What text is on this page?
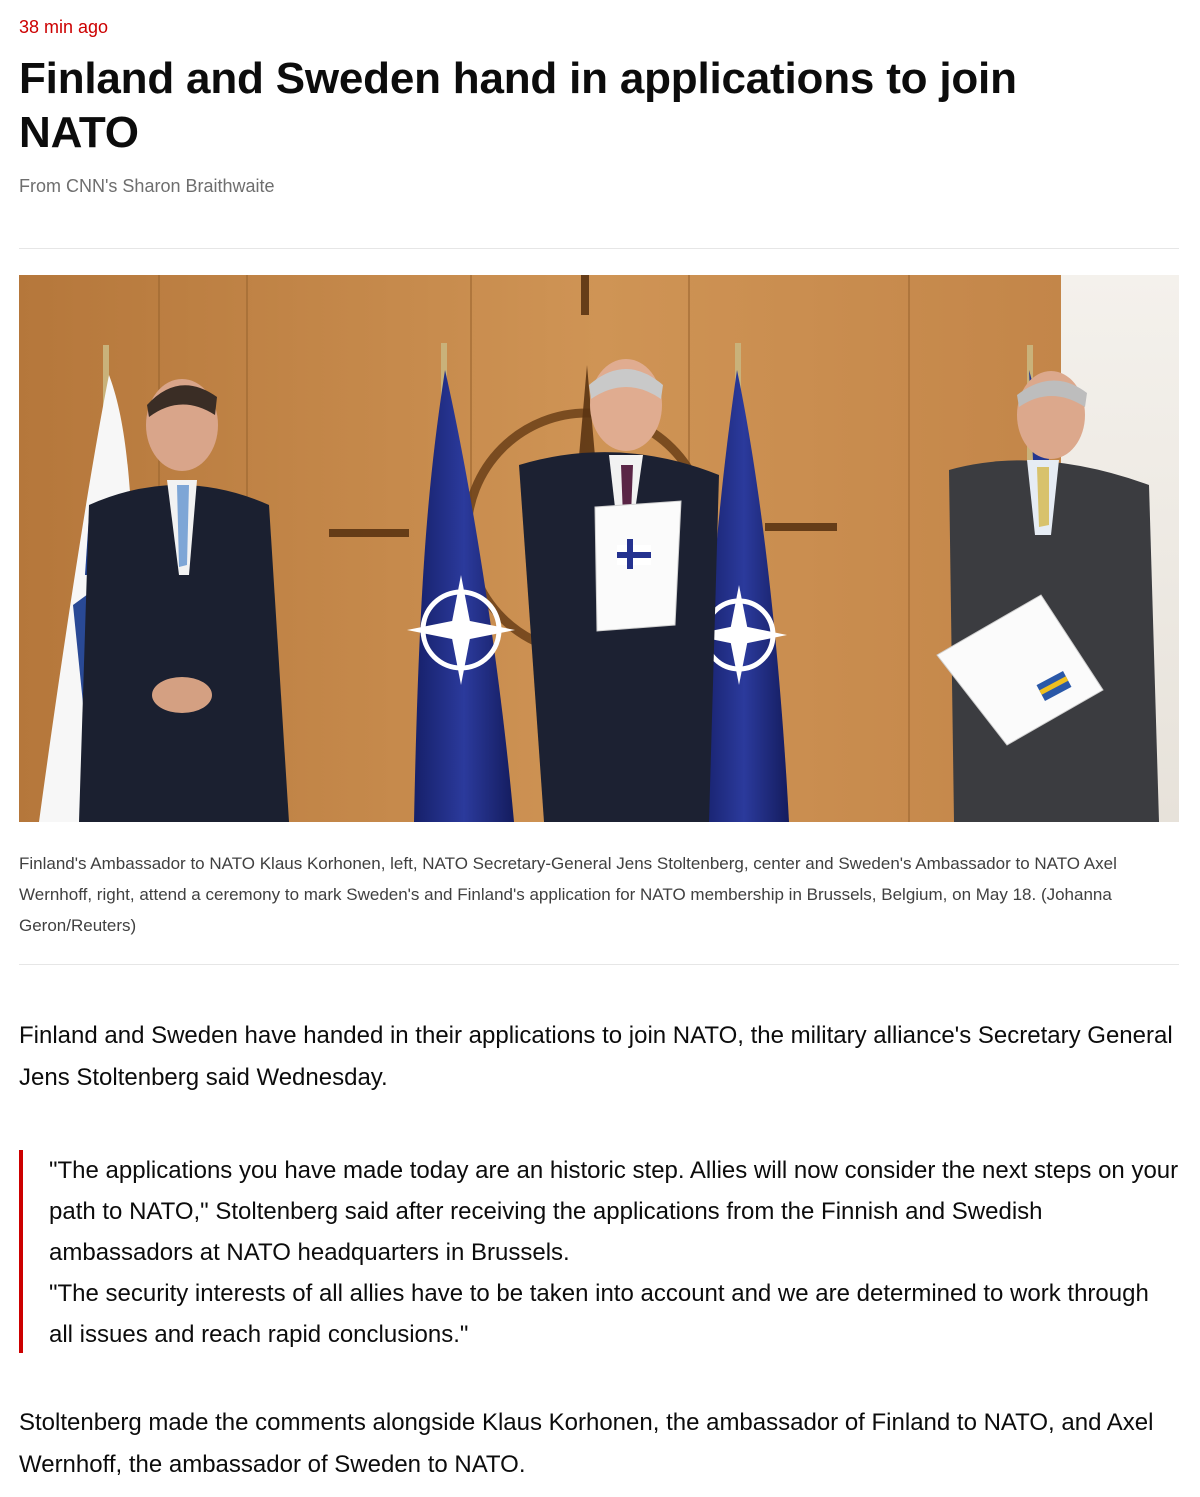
38 min ago
Finland and Sweden hand in applications to join NATO
From CNN's Sharon Braithwaite

Finland's Ambassador to NATO Klaus Korhonen, left, NATO Secretary-General Jens Stoltenberg, center and Sweden's Ambassador to NATO Axel Wernhoff, right, attend a ceremony to mark Sweden's and Finland's application for NATO membership in Brussels, Belgium, on May 18. (Johanna Geron/Reuters)

Finland and Sweden have handed in their applications to join NATO, the military alliance's Secretary General Jens Stoltenberg said Wednesday.

"The applications you have made today are an historic step. Allies will now consider the next steps on your path to NATO," Stoltenberg said after receiving the applications from the Finnish and Swedish ambassadors at NATO headquarters in Brussels.

"The security interests of all allies have to be taken into account and we are determined to work through all issues and reach rapid conclusions."

Stoltenberg made the comments alongside Klaus Korhonen, the ambassador of Finland to NATO, and Axel Wernhoff, the ambassador of Sweden to NATO.
